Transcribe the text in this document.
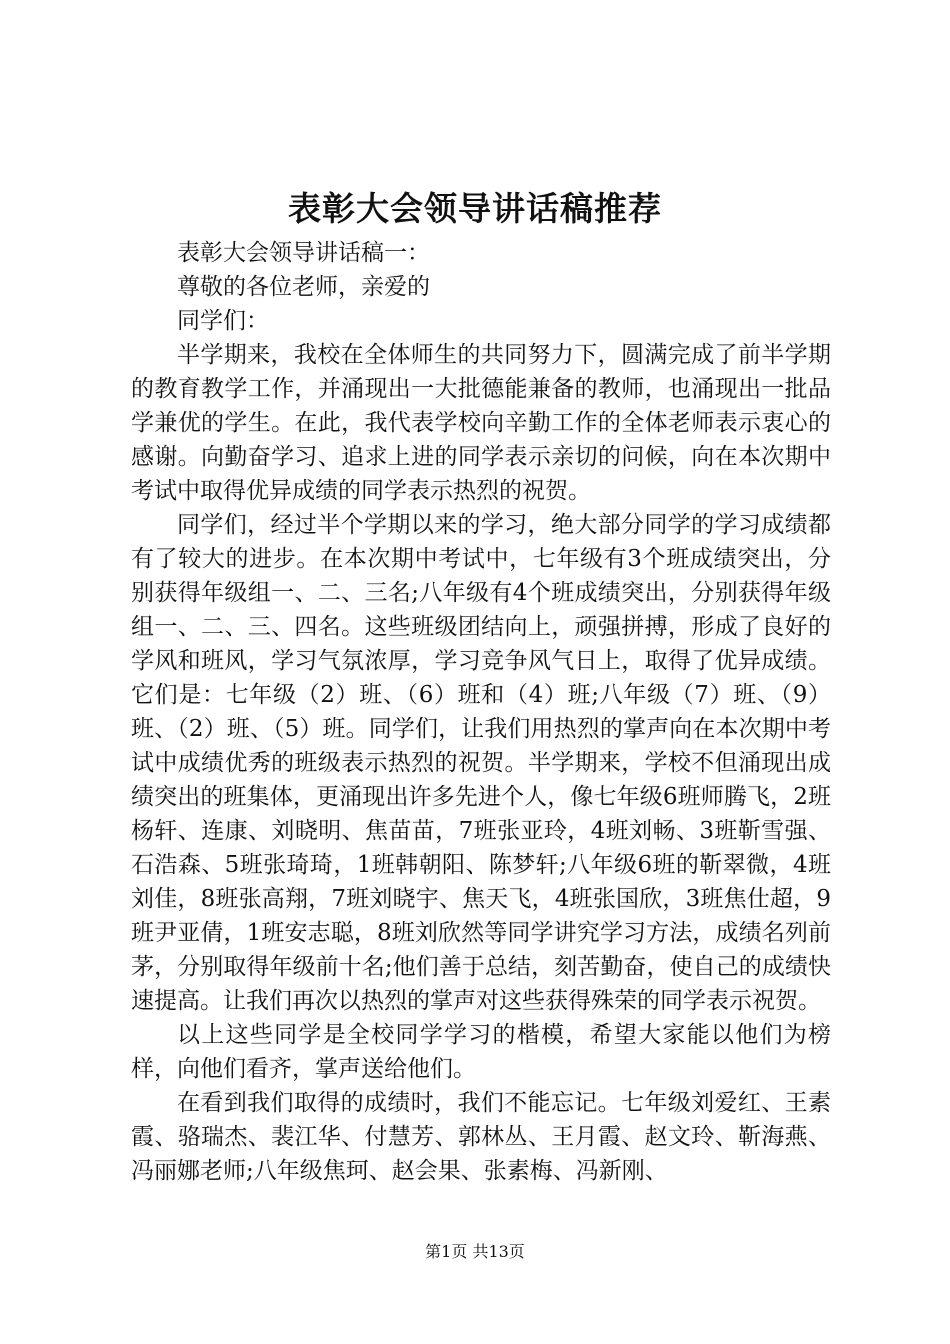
表彰大会领导讲话稿推荐

表彰大会领导讲话稿一：

尊敬的各位老师，亲爱的

同学们：

半学期来，我校在全体师生的共同努力下，圆满完成了前半学期的教育教学工作，并涌现出一大批德能兼备的教师，也涌现出一批品学兼优的学生。在此，我代表学校向辛勤工作的全体老师表示衷心的感谢。向勤奋学习、追求上进的同学表示亲切的问候，向在本次期中考试中取得优异成绩的同学表示热烈的祝贺。

同学们，经过半个学期以来的学习，绝大部分同学的学习成绩都有了较大的进步。在本次期中考试中，七年级有3个班成绩突出，分别获得年级组一、二、三名;八年级有4个班成绩突出，分别获得年级组一、二、三、四名。这些班级团结向上，顽强拼搏，形成了良好的学风和班风，学习气氛浓厚，学习竞争风气日上，取得了优异成绩。它们是：七年级（2）班、（6）班和（4）班;八年级（7）班、（9）班、（2）班、（5）班。同学们，让我们用热烈的掌声向在本次期中考试中成绩优秀的班级表示热烈的祝贺。半学期来，学校不但涌现出成绩突出的班集体，更涌现出许多先进个人，像七年级6班师腾飞，2班杨轩、连康、刘晓明、焦苗苗，7班张亚玲，4班刘畅、3班靳雪强、石浩森、5班张琦琦，1班韩朝阳、陈梦轩;八年级6班的靳翠微，4班刘佳，8班张高翔，7班刘晓宇、焦天飞，4班张国欣，3班焦仕超，9班尹亚倩，1班安志聪，8班刘欣然等同学讲究学习方法，成绩名列前茅，分别取得年级前十名;他们善于总结，刻苦勤奋，使自己的成绩快速提高。让我们再次以热烈的掌声对这些获得殊荣的同学表示祝贺。

以上这些同学是全校同学学习的楷模，希望大家能以他们为榜样，向他们看齐，掌声送给他们。

在看到我们取得的成绩时，我们不能忘记。七年级刘爱红、王素霞、骆瑞杰、裴江华、付慧芳、郭林丛、王月霞、赵文玲、靳海燕、冯丽娜老师;八年级焦珂、赵会果、张素梅、冯新刚、

第1页 共13页
